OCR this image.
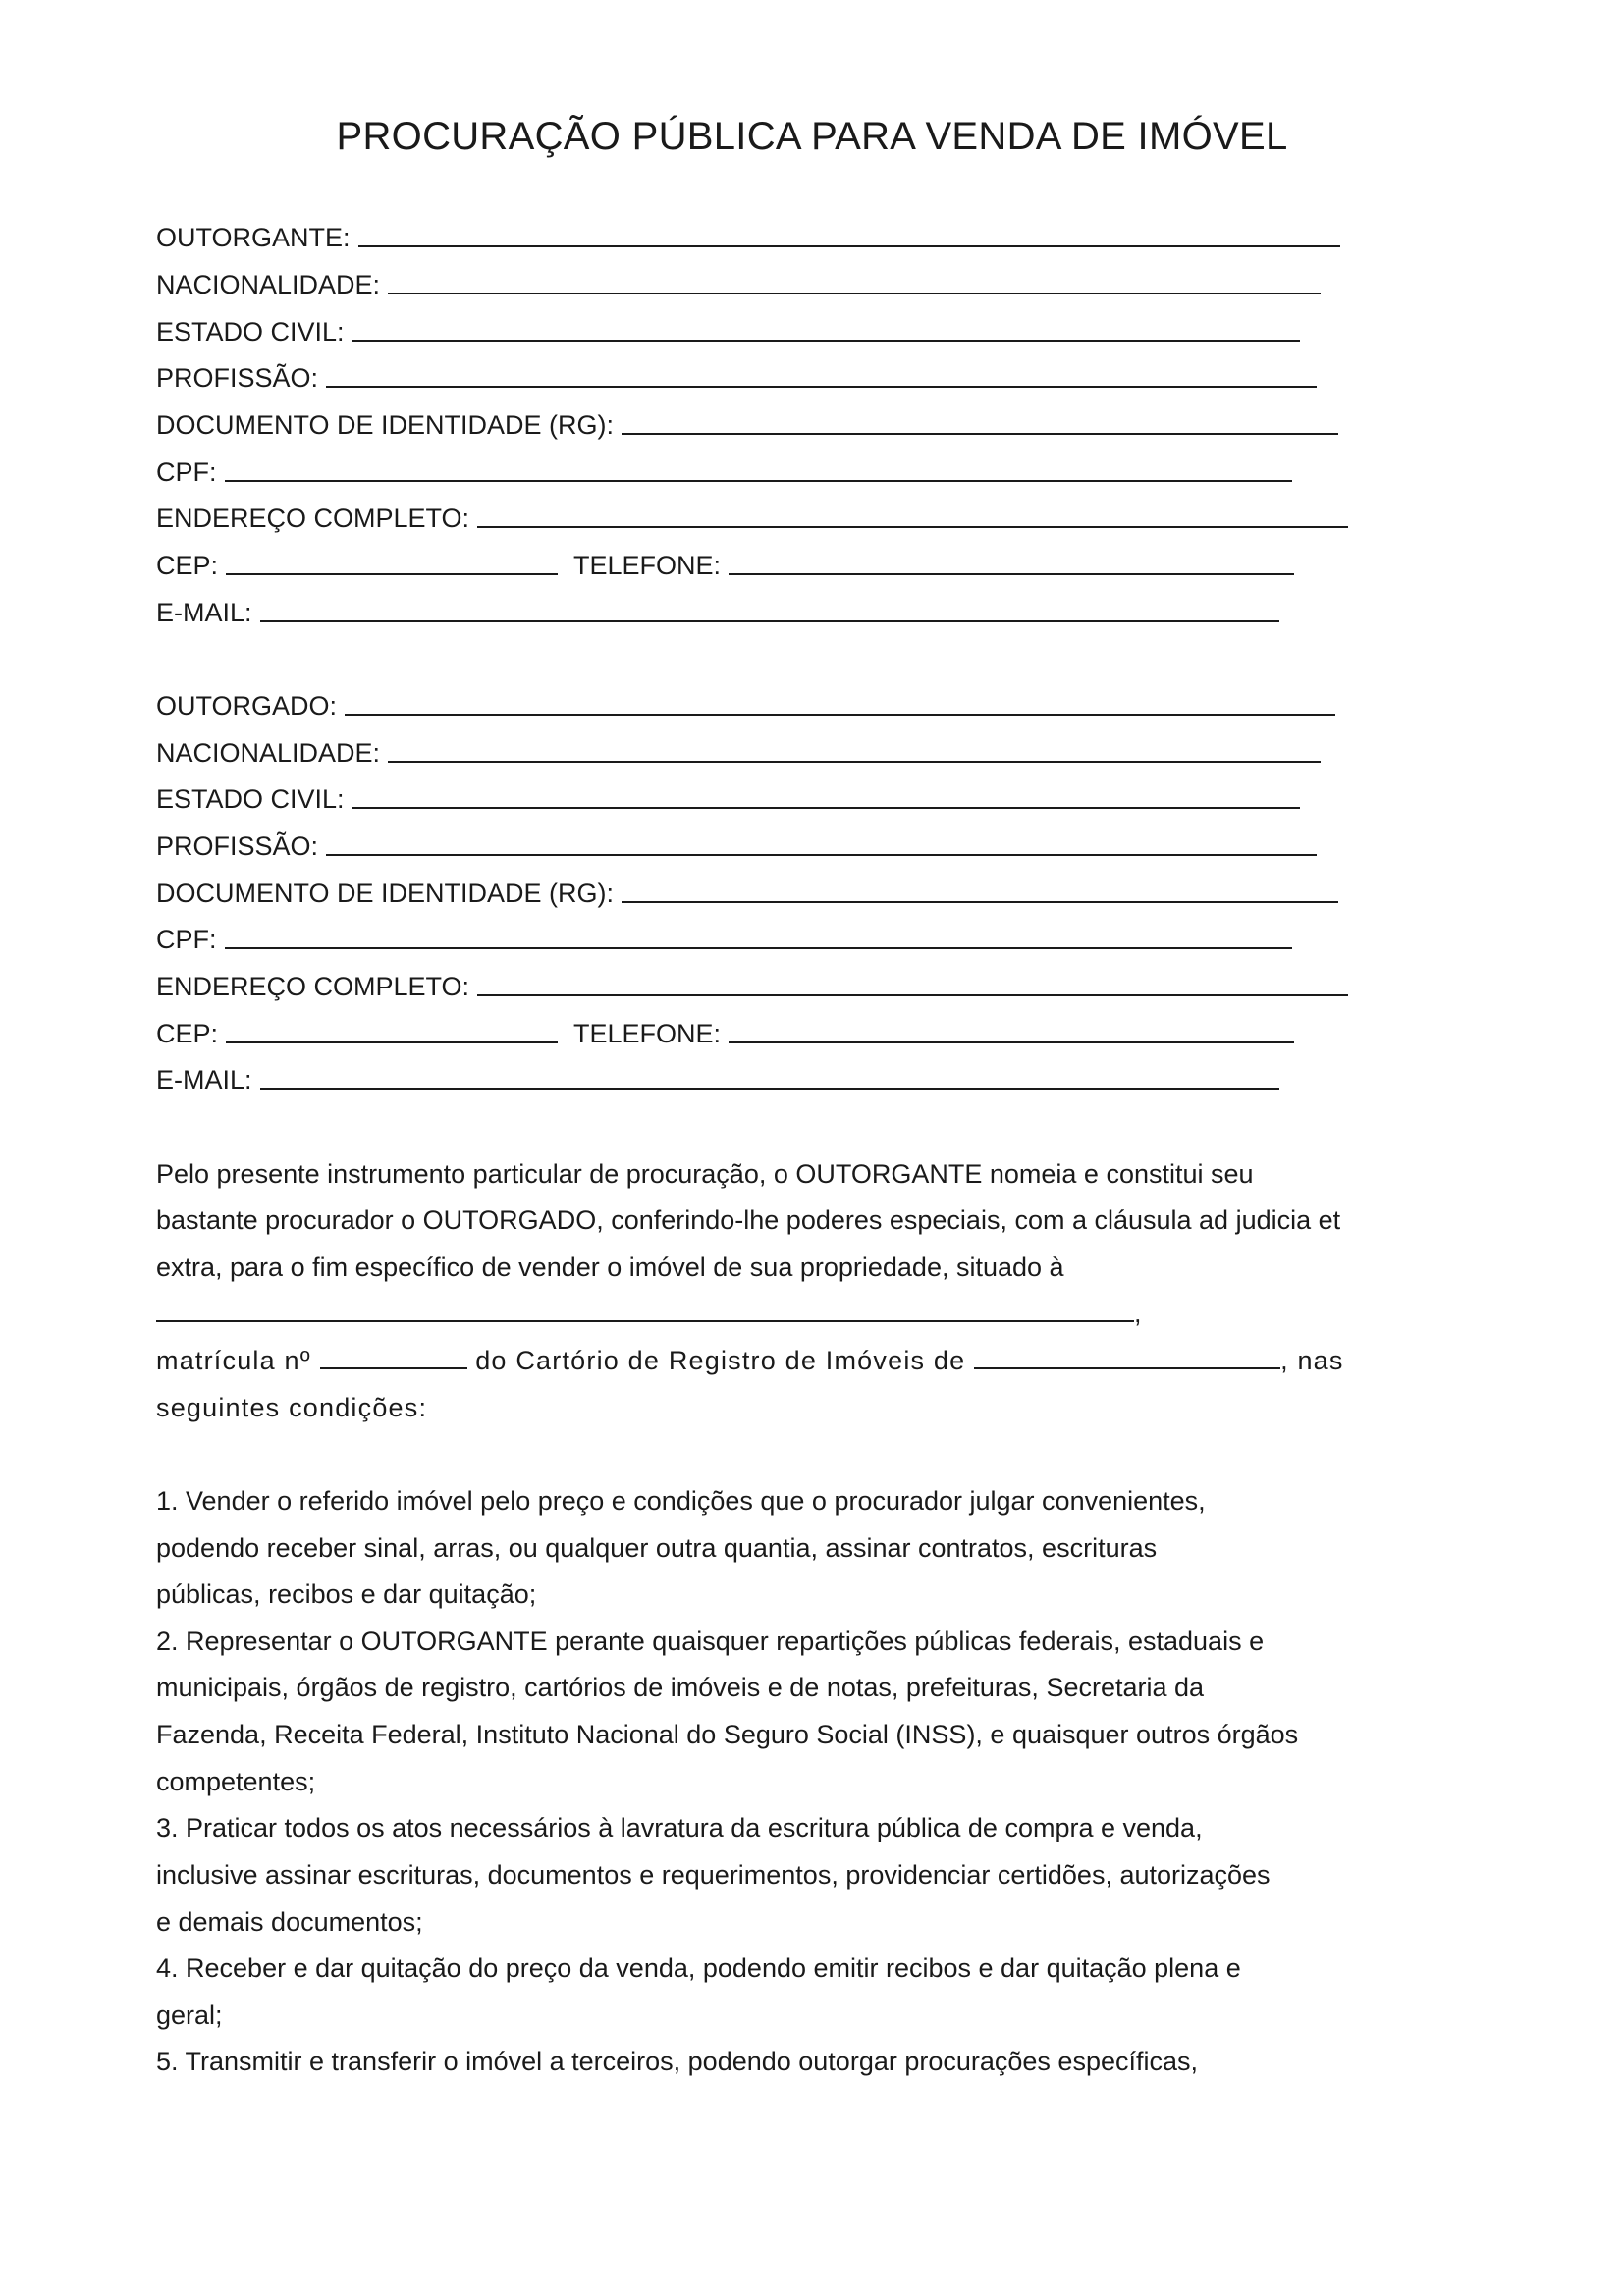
PROCURAÇÃO PÚBLICA PARA VENDA DE IMÓVEL
OUTORGANTE:
NACIONALIDADE:
ESTADO CIVIL:
PROFISSÃO:
DOCUMENTO DE IDENTIDADE (RG):
CPF:
ENDEREÇO COMPLETO:
CEP:	TELEFONE:
E-MAIL:
OUTORGADO:
NACIONALIDADE:
ESTADO CIVIL:
PROFISSÃO:
DOCUMENTO DE IDENTIDADE (RG):
CPF:
ENDEREÇO COMPLETO:
CEP:	TELEFONE:
E-MAIL:
Pelo presente instrumento particular de procuração, o OUTORGANTE nomeia e constitui seu
bastante procurador o OUTORGADO, conferindo-lhe poderes especiais, com a cláusula ad judicia et
extra, para o fim específico de vender o imóvel de sua propriedade, situado à
,
matrícula nº	do Cartório de Registro de Imóveis de	, nas
seguintes condições:
1. Vender o referido imóvel pelo preço e condições que o procurador julgar convenientes,
podendo receber sinal, arras, ou qualquer outra quantia, assinar contratos, escrituras
públicas, recibos e dar quitação;
2. Representar o OUTORGANTE perante quaisquer repartições públicas federais, estaduais e
municipais, órgãos de registro, cartórios de imóveis e de notas, prefeituras, Secretaria da
Fazenda, Receita Federal, Instituto Nacional do Seguro Social (INSS), e quaisquer outros órgãos
competentes;
3. Praticar todos os atos necessários à lavratura da escritura pública de compra e venda,
inclusive assinar escrituras, documentos e requerimentos, providenciar certidões, autorizações
e demais documentos;
4. Receber e dar quitação do preço da venda, podendo emitir recibos e dar quitação plena e
geral;
5. Transmitir e transferir o imóvel a terceiros, podendo outorgar procurações específicas,
